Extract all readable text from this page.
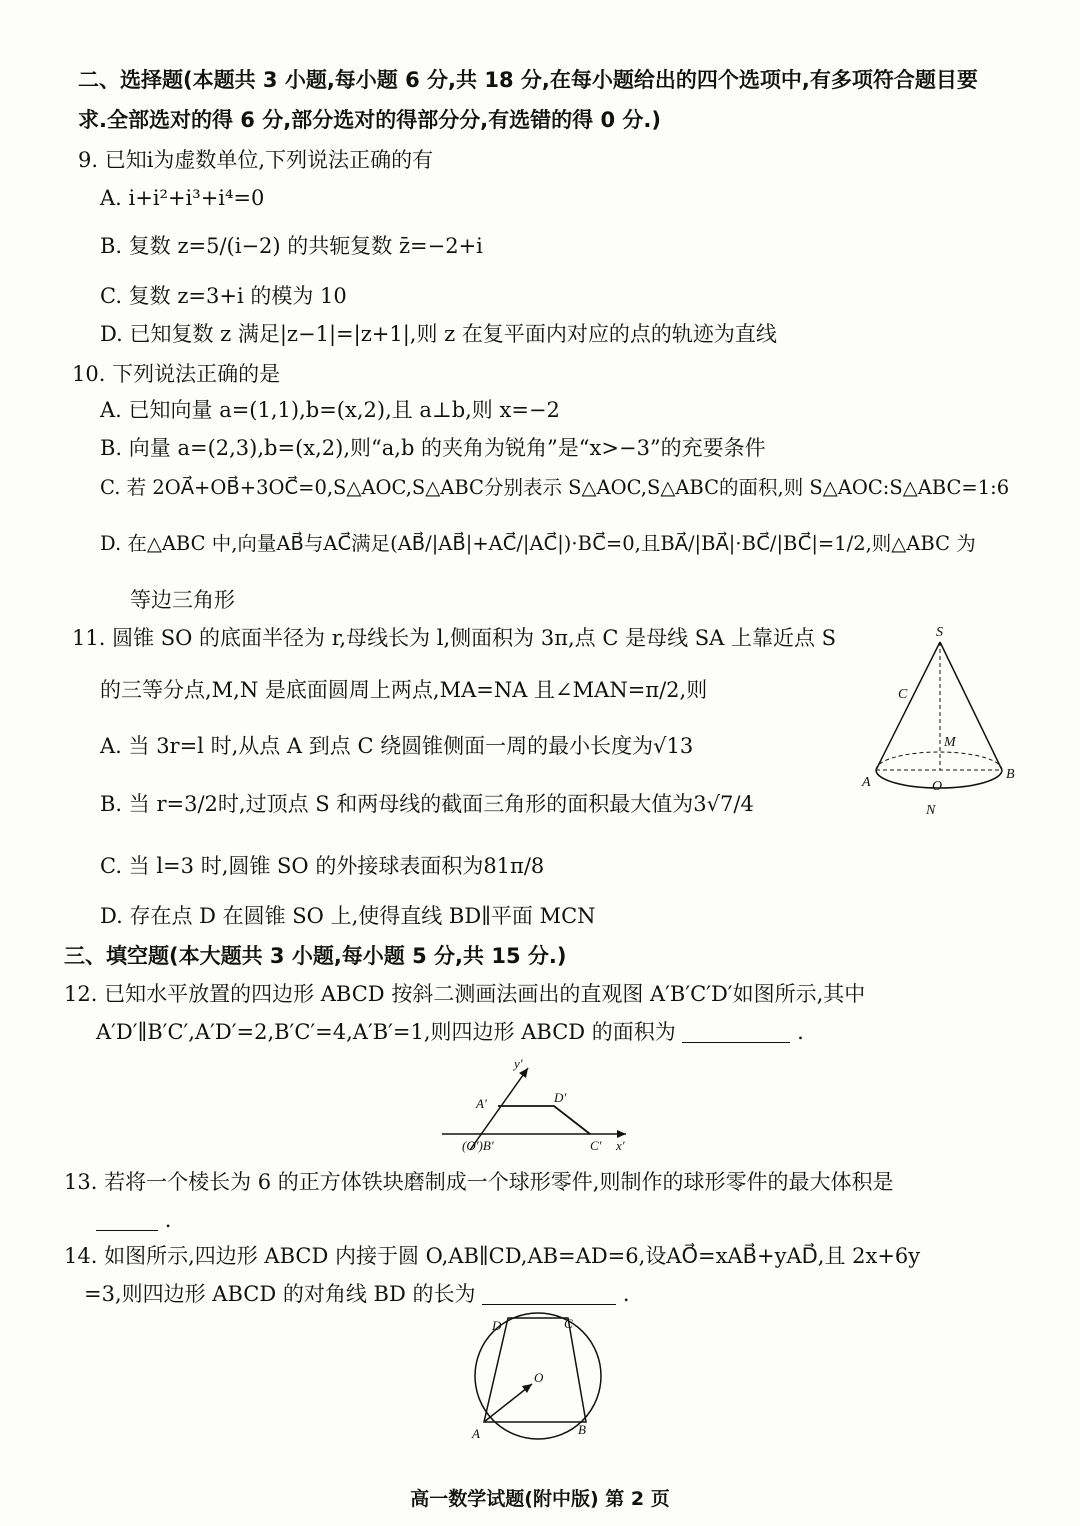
二、选择题(本题共 3 小题,每小题 6 分,共 18 分,在每小题给出的四个选项中,有多项符合题目要
求.全部选对的得 6 分,部分选对的得部分分,有选错的得 0 分.)
9. 已知i为虚数单位,下列说法正确的有
A. i+i²+i³+i⁴=0
B. 复数 z=5/(i−2) 的共轭复数 z̄=−2+i
C. 复数 z=3+i 的模为 10
D. 已知复数 z 满足|z−1|=|z+1|,则 z 在复平面内对应的点的轨迹为直线
10. 下列说法正确的是
A. 已知向量 a=(1,1),b=(x,2),且 a⊥b,则 x=−2
B. 向量 a=(2,3),b=(x,2),则“a,b 的夹角为锐角”是“x>−3”的充要条件
C. 若 2OA⃗+OB⃗+3OC⃗=0,S△AOC,S△ABC分别表示 S△AOC,S△ABC的面积,则 S△AOC:S△ABC=1:6
D. 在△ABC 中,向量AB⃗与AC⃗满足(AB⃗/|AB⃗|+AC⃗/|AC⃗|)·BC⃗=0,且BA⃗/|BA⃗|·BC⃗/|BC⃗|=1/2,则△ABC 为
等边三角形
11. 圆锥 SO 的底面半径为 r,母线长为 l,侧面积为 3π,点 C 是母线 SA 上靠近点 S
的三等分点,M,N 是底面圆周上两点,MA=NA 且∠MAN=π/2,则
A. 当 3r=l 时,从点 A 到点 C 绕圆锥侧面一周的最小长度为√13
B. 当 r=3/2时,过顶点 S 和两母线的截面三角形的面积最大值为3√7/4
C. 当 l=3 时,圆锥 SO 的外接球表面积为81π/8
D. 存在点 D 在圆锥 SO 上,使得直线 BD∥平面 MCN
S
C
M
O
A
B
N
三、填空题(本大题共 3 小题,每小题 5 分,共 15 分.)
12. 已知水平放置的四边形 ABCD 按斜二测画法画出的直观图 A′B′C′D′如图所示,其中
A′D′∥B′C′,A′D′=2,B′C′=4,A′B′=1,则四边形 ABCD 的面积为	.
y′
A′	D′
(O′)B′	C′ x′
13. 若将一个棱长为 6 的正方体铁块磨制成一个球形零件,则制作的球形零件的最大体积是
.
14. 如图所示,四边形 ABCD 内接于圆 O,AB∥CD,AB=AD=6,设AO⃗=xAB⃗+yAD⃗,且 2x+6y
=3,则四边形 ABCD 的对角线 BD 的长为	.
D	C
O
A	B
高一数学试题(附中版) 第 2 页
